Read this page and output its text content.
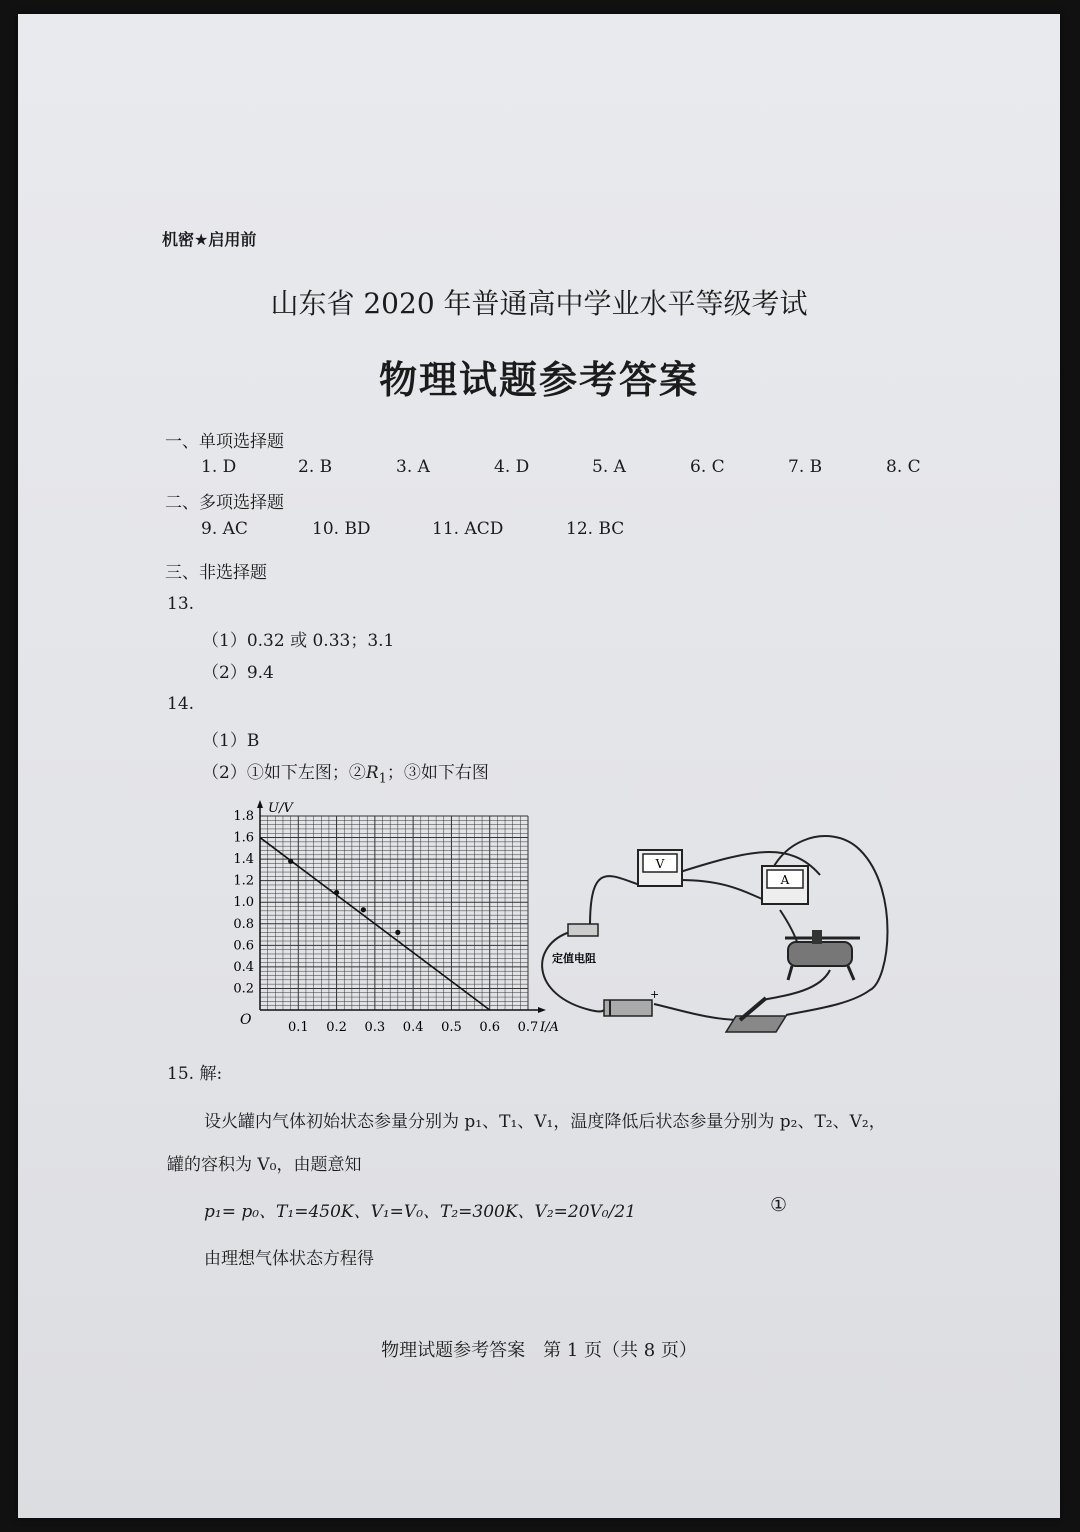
机密★启用前
山东省 2020 年普通高中学业水平等级考试
物理试题参考答案
一、单项选择题
1. D	2. B	3. A	4. D	5. A	6. C	7. B	8. C
二、多项选择题
9. AC	10. BD	11. ACD	12. BC
三、非选择题
13.
（1）0.32 或 0.33；3.1
（2）9.4
14.
（1）B
（2）①如下左图；$②R_1$；③如下右图
0.1 0.2 0.3 0.4 0.5 0.6 0.7
0.2
0.4
0.6
0.8
1.0
1.2
1.4
1.6
1.8
U/V
I/A
O
V
A
定值电阻
+
15. 解:
设火罐内气体初始状态参量分别为 p₁、T₁、V₁，温度降低后状态参量分别为 p₂、T₂、V₂，
罐的容积为 V₀，由题意知
p₁= p₀、T₁=450K、V₁=V₀、T₂=300K、V₂=20V₀/21	①
由理想气体状态方程得
物理试题参考答案　第 1 页（共 8 页）
